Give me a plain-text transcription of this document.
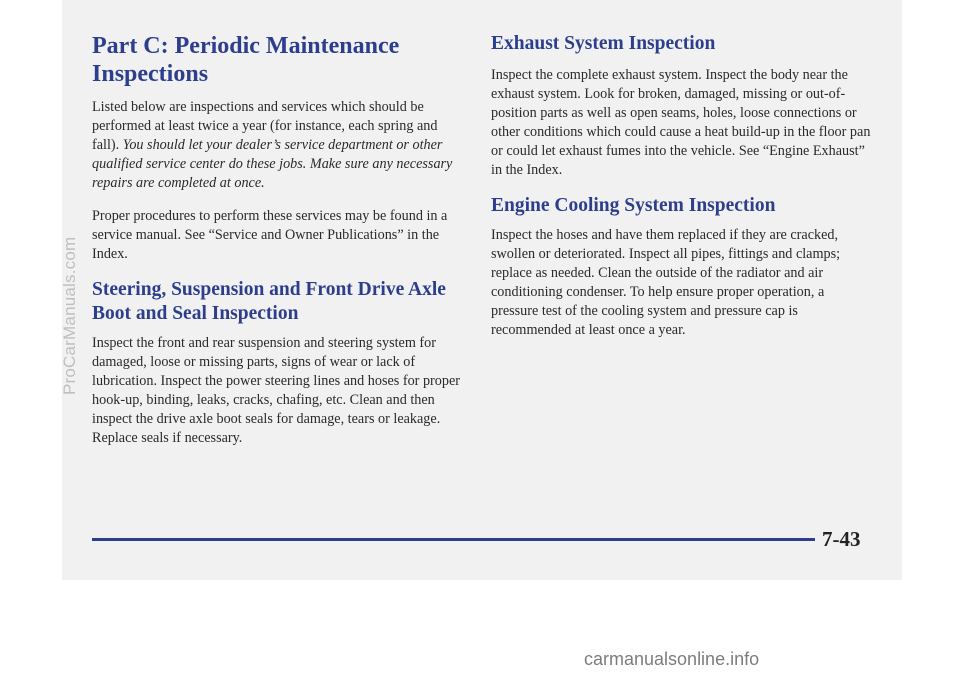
Part C: Periodic Maintenance Inspections

Listed below are inspections and services which should be performed at least twice a year (for instance, each spring and fall). You should let your dealer’s service department or other qualified service center do these jobs. Make sure any necessary repairs are completed at once.

Proper procedures to perform these services may be found in a service manual. See “Service and Owner Publications” in the Index.

Steering, Suspension and Front Drive Axle Boot and Seal Inspection

Inspect the front and rear suspension and steering system for damaged, loose or missing parts, signs of wear or lack of lubrication. Inspect the power steering lines and hoses for proper hook-up, binding, leaks, cracks, chafing, etc. Clean and then inspect the drive axle boot seals for damage, tears or leakage. Replace seals if necessary.

Exhaust System Inspection

Inspect the complete exhaust system. Inspect the body near the exhaust system. Look for broken, damaged, missing or out-of-position parts as well as open seams, holes, loose connections or other conditions which could cause a heat build-up in the floor pan or could let exhaust fumes into the vehicle. See “Engine Exhaust” in the Index.

Engine Cooling System Inspection

Inspect the hoses and have them replaced if they are cracked, swollen or deteriorated. Inspect all pipes, fittings and clamps; replace as needed. Clean the outside of the radiator and air conditioning condenser. To help ensure proper operation, a pressure test of the cooling system and pressure cap is recommended at least once a year.

7-43
ProCarManuals.com
carmanualsonline.info
